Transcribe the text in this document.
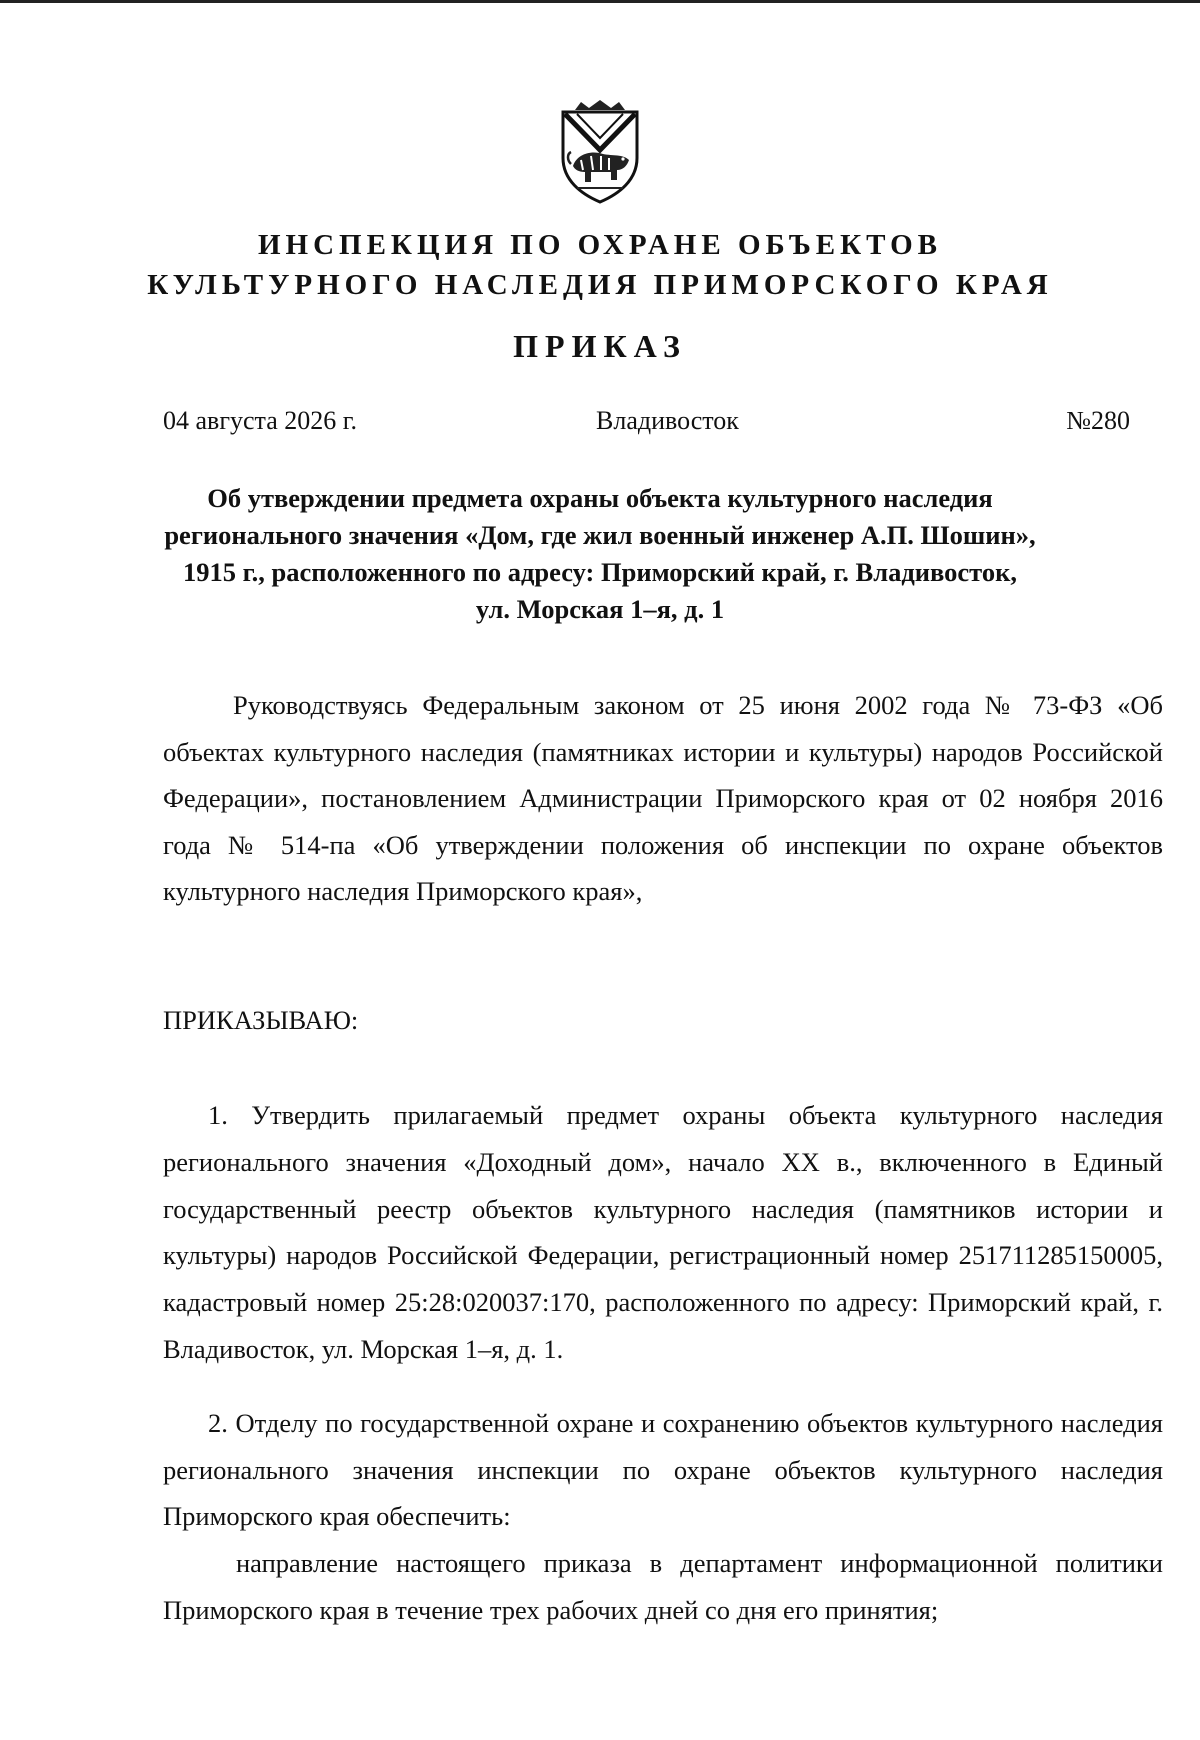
ИНСПЕКЦИЯ ПО ОХРАНЕ ОБЪЕКТОВ
КУЛЬТУРНОГО НАСЛЕДИЯ ПРИМОРСКОГО КРАЯ
ПРИКАЗ
04 августа 2026 г.	Владивосток	№280
Об утверждении предмета охраны объекта культурного наследия
регионального значения «Дом, где жил военный инженер А.П. Шошин»,
1915 г., расположенного по адресу: Приморский край, г. Владивосток,
ул. Морская 1–я, д. 1

Руководствуясь Федеральным законом от 25 июня 2002 года № 73-ФЗ «Об объектах культурного наследия (памятниках истории и культуры) народов Российской Федерации», постановлением Администрации Приморского края от 02 ноября 2016 года № 514-па «Об утверждении положения об инспекции по охране объектов культурного наследия Приморского края»,

ПРИКАЗЫВАЮ:

1. Утвердить прилагаемый предмет охраны объекта культурного наследия регионального значения «Доходный дом», начало XX в., включенного в Единый государственный реестр объектов культурного наследия (памятников истории и культуры) народов Российской Федерации, регистрационный номер 251711285150005, кадастровый номер 25:28:020037:170, расположенного по адресу: Приморский край, г. Владивосток, ул. Морская 1–я, д. 1.

2. Отделу по государственной охране и сохранению объектов культурного наследия регионального значения инспекции по охране объектов культурного наследия Приморского края обеспечить:

направление настоящего приказа в департамент информационной политики Приморского края в течение трех рабочих дней со дня его принятия;
